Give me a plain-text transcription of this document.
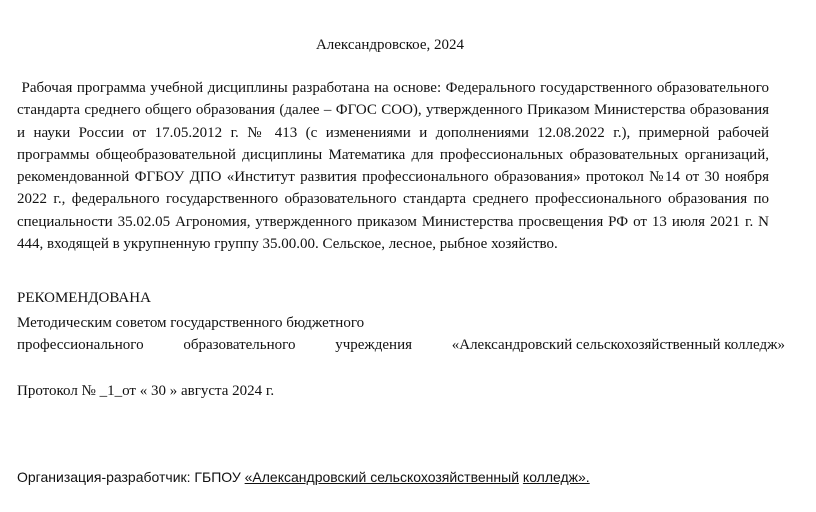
Александровское, 2024

Рабочая программа учебной дисциплины разработана на основе: Федерального государственного образовательного стандарта среднего общего образования (далее – ФГОС СОО), утвержденного Приказом Министерства образования и науки России от 17.05.2012 г. № 413 (с изменениями и дополнениями 12.08.2022 г.), примерной рабочей программы общеобразовательной дисциплины Математика для профессиональных образовательных организаций, рекомендованной ФГБОУ ДПО «Институт развития профессионального образования» протокол №14 от 30 ноября 2022 г., федерального государственного образовательного стандарта среднего профессионального образования по специальности 35.02.05 Агрономия, утвержденного приказом Министерства просвещения РФ от 13 июля 2021 г. N 444, входящей в укрупненную группу 35.00.00. Сельское, лесное, рыбное хозяйство.

РЕКОМЕНДОВАНА
Методическим советом государственного бюджетного
профессионального	образовательного	учреждения	«Александровский сельскохозяйственный колледж»
Протокол № _1_от « 30 » августа 2024 г.
Организация-разработчик: ГБПОУ «Александровский сельскохозяйственный колледж».
